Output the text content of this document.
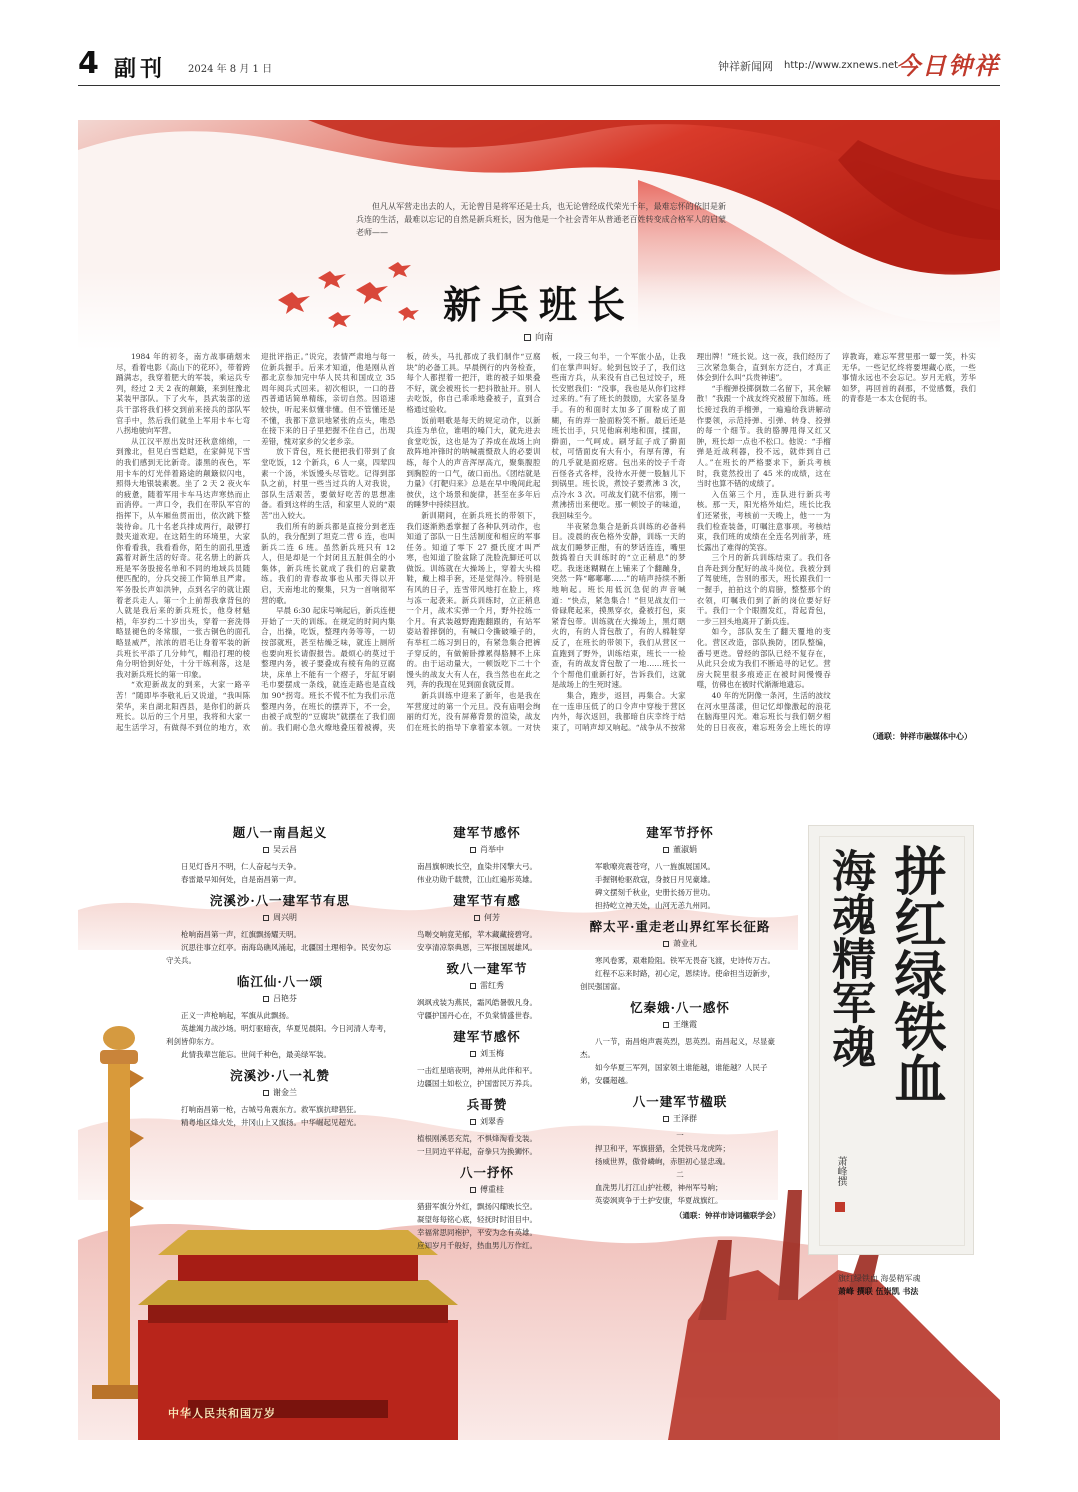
4 副刊 2024 年 8 月 1 日	钟祥新闻网 http://www.zxnews.net
今日钟祥

但凡从军营走出去的人，无论曾目是将军还是士兵，也无论曾经成代荣光千年，最难忘怀的依旧是新兵连的生活，最难以忘记的自然是新兵班长，因为他是一个社会青年从普通老百姓转变成合格军人的启蒙老师——

新兵班长
向南

1984 年的初冬，南方战事硝烟未尽，看着电影《高山下的花环》，带着跨踊满志，我穿着肥大的军装，乘运兵专列，经过 2 天 2 夜的颠簸，来到驻豫北某装甲部队。下了火车，县武装部的送兵干部将我们移交到前来接兵的部队军官手中，然后我们就坐上军用卡车七弯八拐地驶向军营。

从江汉平原出发时还秋意绵绵，一到豫北，但见白雪皑皑，在家鲜见下雪的我们感到无比新奇。漆黑的夜色，军用卡车的灯光伴着路途的颠簸似闪电，照得大地银装素裹。坐了 2 天 2 夜火车的疲惫，随着军用卡车马达声寒热而止而消停。一声口令，我们在带队军官的指挥下，从车厢鱼贯而出，依次跳下整装待命。几十名老兵排成两行，敲锣打鼓夹道欢迎。在这陌生的环境里，大家你看看我，我看看你，陌生的面孔里透露着对新生活的好奇。花名册上的新兵班是军务股接名单和不同的地域兵员随便匹配的，分兵交接工作简单且严肃。军务股长声如洪钟，点到名字的就让跟着老兵走人。第一个上前帮我拿背包的人就是我后来的新兵班长，他身材魁梧，年岁约二十岁出头，穿着一套洗得略显褪色的冬常服，一张古铜色的面孔略显威严，浓浓的眉毛让身着军装的新兵班长平添了几分帅气，帽沿打理的棱角分明恰到好处，十分干练利落，这是我对新兵班长的第一印象。

“欢迎新战友的到来，大家一路辛苦！”随即毕李敬礼后又说道，“我叫陈荣华，来自湖北阳西县，是你们的新兵班长。以后的三个月里，我将和大家一起生活学习，有做得不到位的地方，欢迎批评指正。”说完，表情严肃地与每一位新兵握手。后来才知道，他是刚从首都北京参加完中华人民共和国成立 35 周年阅兵式回来。初次相识，一口的普西普通话简单精练，亲切自然。因语速较快，听起来似懂非懂。但不管懂还是不懂，我都下意识地紧张的点头，唯恐在接下来的日子里把握不住自己，出现差错，愧对家乡的父老乡亲。

放下背包，班长便把我们带到了食堂吃饭，12 个新兵，6 人一桌，四荤四素一个汤，米饭馒头尽管吃。记得到部队之前，村里一些当过兵的人对我说，部队生活艰苦，要做好吃苦的思想准备。看到这样的生活，和家里人说的“艰苦”出入较大。

我们所有的新兵都是直接分到老连队的，我分配到了坦克二营 6 连，也叫新兵二连 6 班。虽然新兵班只有 12 人，但是却是一个封闭且五脏俱全的小集体，新兵班长就成了我们的启蒙教练。我们的青春故事也从那天得以开启，天南地北的聚集，只为一首响彻军营的歌。

早晨 6:30 起床号响起后，新兵连便开始了一天的训练。在规定的时间内集合，出操，吃饭，整理内务等等，一切按部就班，甚至枯燥乏味，就连上厕所也要向班长请假报告。最烦心的莫过于整理内务，被子要叠成有棱有角的豆腐块，床单上不能有一个褶子，牙缸牙刷毛巾要摆成一条线，就连走路也是直线加 90°拐弯。班长不慌不忙为我们示范整理内务，在班长的摆弄下，不一会，由被子成型的“豆腐块”就摆在了我们面前。我们耐心急火燎地叠压着被褥，夹板，砖头，马扎都成了我们制作“豆腐块”的必备工具。早晨例行的内务检查，每个人都捏着一把汗，谁的被子如果叠不好，就会被班长一把抖散扯开。别人去吃饭，你自己乖乖地叠被子，直到合格通过验收。

饭前唱歌是每天的规定动作，以新兵连为单位，谁唱的嗓门大，就先进去食堂吃饭，这也是为了养成在战场上向敌阵地冲锋时的呐喊震慑敌人的必要训练，每个人的声音浑厚高亢，聚集腹腔到胸腔的一口气，破口而出。《团结就是力量》《打靶归来》总是在早中晚间此起彼伏，这个场景和旋律，甚至在多年后的睡梦中持续回放。

新训期间，在新兵班长的带领下，我们逐渐熟悉掌握了各种队列动作，也知道了部队一日生活制度和相应的军事任务。知道了零下 27 摄氏度才叫严寒，也知道了脸盆除了洗脸洗脚还可以做饭。训练就在大操场上，穿着大头棉鞋，戴上棉手套，还是觉得冷。特别是有风的日子，连雪带风地打在脸上，疼与冻一起袭来。新兵训练时，立正稍息一个月，战术实弹一个月，野外拉练一个月。有武装越野跑跑翻跟的，有站军姿站着摔倒的，有喊口令撕破嗓子的，有举杠二练习到日的，有紧急集合把裤子穿反的，有做俯卧撑累得胳膊不上床的。由于运动量大，一顿饭吃下二十个馒头的战友大有人在，我当然也在此之列，奔的我现在见到面食就反胃。

新兵训练中迎来了新年，也是我在军营度过的第一个元旦。没有庙唱会绚丽的灯光，没有屏幕背景的渲染，战友们在班长的指导下拿着家本领。一对快板，一段三句半，一个军旅小品，让我们在掌声叫好。轮到包饺子了，我们这些南方兵，从来没有自己包过饺子，班长安慰我们：“没事，我也是从你们这样过来的。”有了班长的鼓励，大家各显身手。有的和面时太加多了面粉成了面糊，有的弄一脸面粉笑不断。最后还是班长出手，只见他麻利地和面，揉面，擀面，一气呵成。刷牙缸子成了擀面杖，可惜面皮有大有小，有厚有薄，有的几乎就是面疙瘩。包出来的饺子千奇百怪各式各样，没待水开便一股脑儿下到锅里。班长说，煮饺子要煮沸 3 次，点冷水 3 次。可战友们就不信邪，刚一煮沸捞出来便吃。那一顿饺子的味道，我回味至今。

半夜紧急集合是新兵训练的必备科目。凌晨的夜色格外安静，训练一天的战友们睡梦正酣，有的梦话连连，嘴里鼓捣着白天训练时的“立正稍息”的梦呓。我迷迷糊糊在上铺来了个翻蹦身，突然一阵“嘟嘟嘟……”的哨声持续不断地响起。班长用低沉急促的声音喊道：“快点，紧急集合！”但见战友们一骨碌爬起来，摸黑穿衣，叠被打包，束紧背包带。训练就在大操场上，黑灯瞎火的，有的人背包散了，有的人棉鞋穿反了，在班长的带领下，我们从营区一直跑到了野外，训练结束，班长一一检查，有的战友背包散了一地……班长一个个帮他们重新打好，告诉我们，这就是战场上的生死时速。

集合，跑步，返回，再集合。大家在一连串压低了的口令声中穿梭于营区内外，每次返回，我都暗自庆幸终于结束了，可哨声却又响起。“战争从不按常理出牌！”班长说。这一夜，我们经历了三次紧急集合，直到东方泛白，才真正体会到什么叫“兵贵神速”。

“手榴弹投掷倒数二名留下，其余解散！”我跟一个战友终究被留下加练。班长接过我的手榴弹，一遍遍给我讲解动作要领，示范持弹、引弹、转身、投弹的每一个细节。我的胳膊甩得又红又肿，班长却一点也不松口。他说：“手榴弹是近战利器，投不远，就炸到自己人。”在班长的严格要求下，新兵考核时，我竟然投出了 45 米的成绩，这在当时也算不错的成绩了。

入伍第三个月，连队进行新兵考核。那一天，阳光格外灿烂，班长比我们还紧张，考核前一天晚上，他一一为我们检查装备，叮嘱注意事项。考核结束，我们班的成绩在全连名列前茅，班长露出了难得的笑容。

三个月的新兵训练结束了。我们各自奔赴到分配好的战斗岗位。我被分到了驾驶班，告别的那天，班长跟我们一一握手，拍拍这个的肩膀，整整那个的衣领，叮嘱我们到了新的岗位要好好干。我们一个个眼圈发红，背起背包，一步三回头地离开了新兵连。

如今，部队发生了翻天覆地的变化。营区改造，部队换防，团队整编，番号更迭。曾经的部队已经不复存在，从此只会成为我们不断追寻的记忆。营房大院里很多痕迹正在被时间慢慢吞噬，仿佛也在被时代渐渐地遗忘。

40 年的光阴像一条河，生活的波纹在河水里荡漾，但记忆却像激起的浪花在脑海里闪光。难忘班长与我们朝夕相处的日日夜夜，难忘班务会上班长的谆谆教诲，难忘军营里那一颦一笑，朴实无华。一些记忆终将要埋藏心底，一些事情永远也不会忘记。岁月无痕，芳华如梦，再回首的刹那，不觉感慨，我们的青春是一本太仓促的书。

（通联：钟祥市融媒体中心）
中华人民共和国万岁
题八一南昌起义
吴云昌

日见灯昏月不明，仁人奋起与天争。

春雷最早知何处，自是南昌第一声。

浣溪沙·八一建军节有思
周兴明

枪响南昌第一声，红旗飘扬耀天明。

沉思往事立红亭。南海岛礁风涌起，北疆国土理相争。民安勿忘守关兵。

临江仙·八一颂
吕艳芬

正义一声枪响起，军旗从此飘扬。

英雄竭力战沙场。明灯驱暗夜，华夏见晨阳。今日河清人寿考，利剑皆仰东方。

此情我辈岂能忘。世间千种色，最美绿军装。

浣溪沙·八一礼赞
谢金兰

打响南昌第一枪，古城号角震东方。救军旗抗肆猖狂。

精粤地区烽火处，井冈山上又旗扬。中华崛起见超光。

建军节感怀
肖举中

南昌旗帜映长空，血染井冈擎大弓。

伟业功勋千载赞，江山红遍彤英雄。

建军节有感
何芳

鸟啭交响竟芜郁，苹木藏藏接碧穹。

安享清凉祭典恩，三军报国展雄风。

致八一建军节
雷红秀

飒飒戎装为燕民，霜风皓暑戟凡身。

守疆护国丹心在，不负棠情盛世春。

建军节感怀
刘玉梅

一击红星暗夜明，神州从此伴和平。

边疆国土如松立，护国雷民万养兵。

兵哥赞
刘翠香

植根刚溪恶充荒，不惧烽淘看戈装。

一旦同边平祥起，奋拳只为换狮怀。

八一抒怀
傅重桂

猎猎军旗分外红，飘扬闪耀映长空。

凝望每每铭心底，轻抚时时泪目中。

幸福常思同袍护，平安为念有英雄。

应知岁月千般好，热血男儿万作红。

建军节抒怀
董淑娟

军歌嘹亮震苍穹，八一旌旗展国风。

手握钢枪驱敌寇，身披日月见豪雄。

碑文摆刻千秋业，史册长扬万世功。

担持屹立神天处，山河无恙九州同。

醉太平·重走老山界红军长征路
萧业礼

寒风卷雾，艰难险阻。铁军无畏奋飞渡，史诗传万古。

红程不忘来时路，初心定，恩续诗。使命担当迈新步，创民强国富。

忆秦娥·八一感怀
王继霞

八一节，南昌炮声震英烈，思英烈。南昌起义，尽显豪杰。

如今华夏三军列，国家领土谁能越，谁能越？人民子弟，安疆超越。

八一建军节楹联
王泽群

一

捍卫和平，军旗猎猎，全凭铁马龙虎阵；

扬威世界，傲骨嶙峋，赤胆初心显忠魂。

二

血洗男儿打江山护社稷，神州军号响；

英姿飒爽争于土护安康，华夏战旗红。

（通联：钟祥市诗词楹联学会）
拼红绿铁血
海魂精军魂
萧峰撰
旗红绿铁血 海晏精军魂
萧峰 撰联 伍崇凯 书法
